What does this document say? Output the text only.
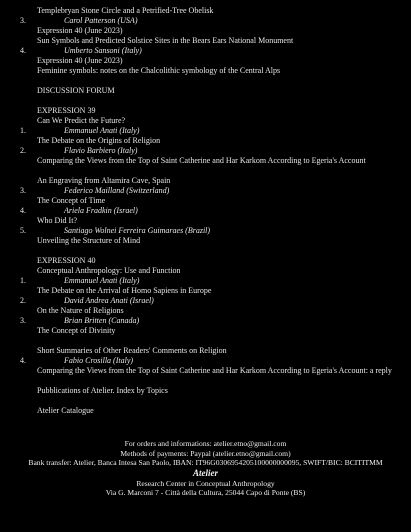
Templebryan Stone Circle and a Petrified-Tree Obelisk
3.	Carol Patterson (USA)
Expression 40 (June 2023)
Sun Symbols and Predicted Solstice Sites in the Bears Ears National Monument
4.	Umberto Sansoni (Italy)
Expression 40 (June 2023)
Feminine symbols: notes on the Chalcolithic symbology of the Central Alps
DISCUSSION FORUM
EXPRESSION 39
Can We Predict the Future?
1.	Emmanuel Anati (Italy)
The Debate on the Origins of Religion
2.	Flavio Barbiero (Italy)
Comparing the Views from the Top of Saint Catherine and Har Karkom According to Egeria's Account
An Engraving from Altamira Cave, Spain
3.	Federico Mailland (Switzerland)
The Concept of Time
4.	Ariela Fradkin (Israel)
Who Did It?
5.	Santiago Wolnei Ferreira Guimaraes (Brazil)
Unveiling the Structure of Mind
EXPRESSION 40
Conceptual Anthropology: Use and Function
1.	Emmanuel Anati (Italy)
The Debate on the Arrival of Homo Sapiens in Europe
2.	David Andrea Anati (Israel)
On the Nature of Religions
3.	Brian Britten (Canada)
The Concept of Divinity
Short Summaries of Other Readers' Comments on Religion
4.	Fabio Crosilla (Italy)
Comparing the Views from the Top of Saint Catherine and Har Karkom According to Egeria's Account: a reply
Pubblications of Atelier. Index by Topics
Atelier Catalogue
For orders and informations: atelier.etno@gmail.com
Methods of payments: Paypal (atelier.etno@gmail.com)
Bank transfer: Atelier, Banca Intesa San Paolo, IBAN: IT96G0306954205100000000095, SWIFT/BIC: BCITITMM
Atelier
Research Center in Conceptual Anthropology
Via G. Marconi 7 - Città della Cultura, 25044 Capo di Ponte (BS)
